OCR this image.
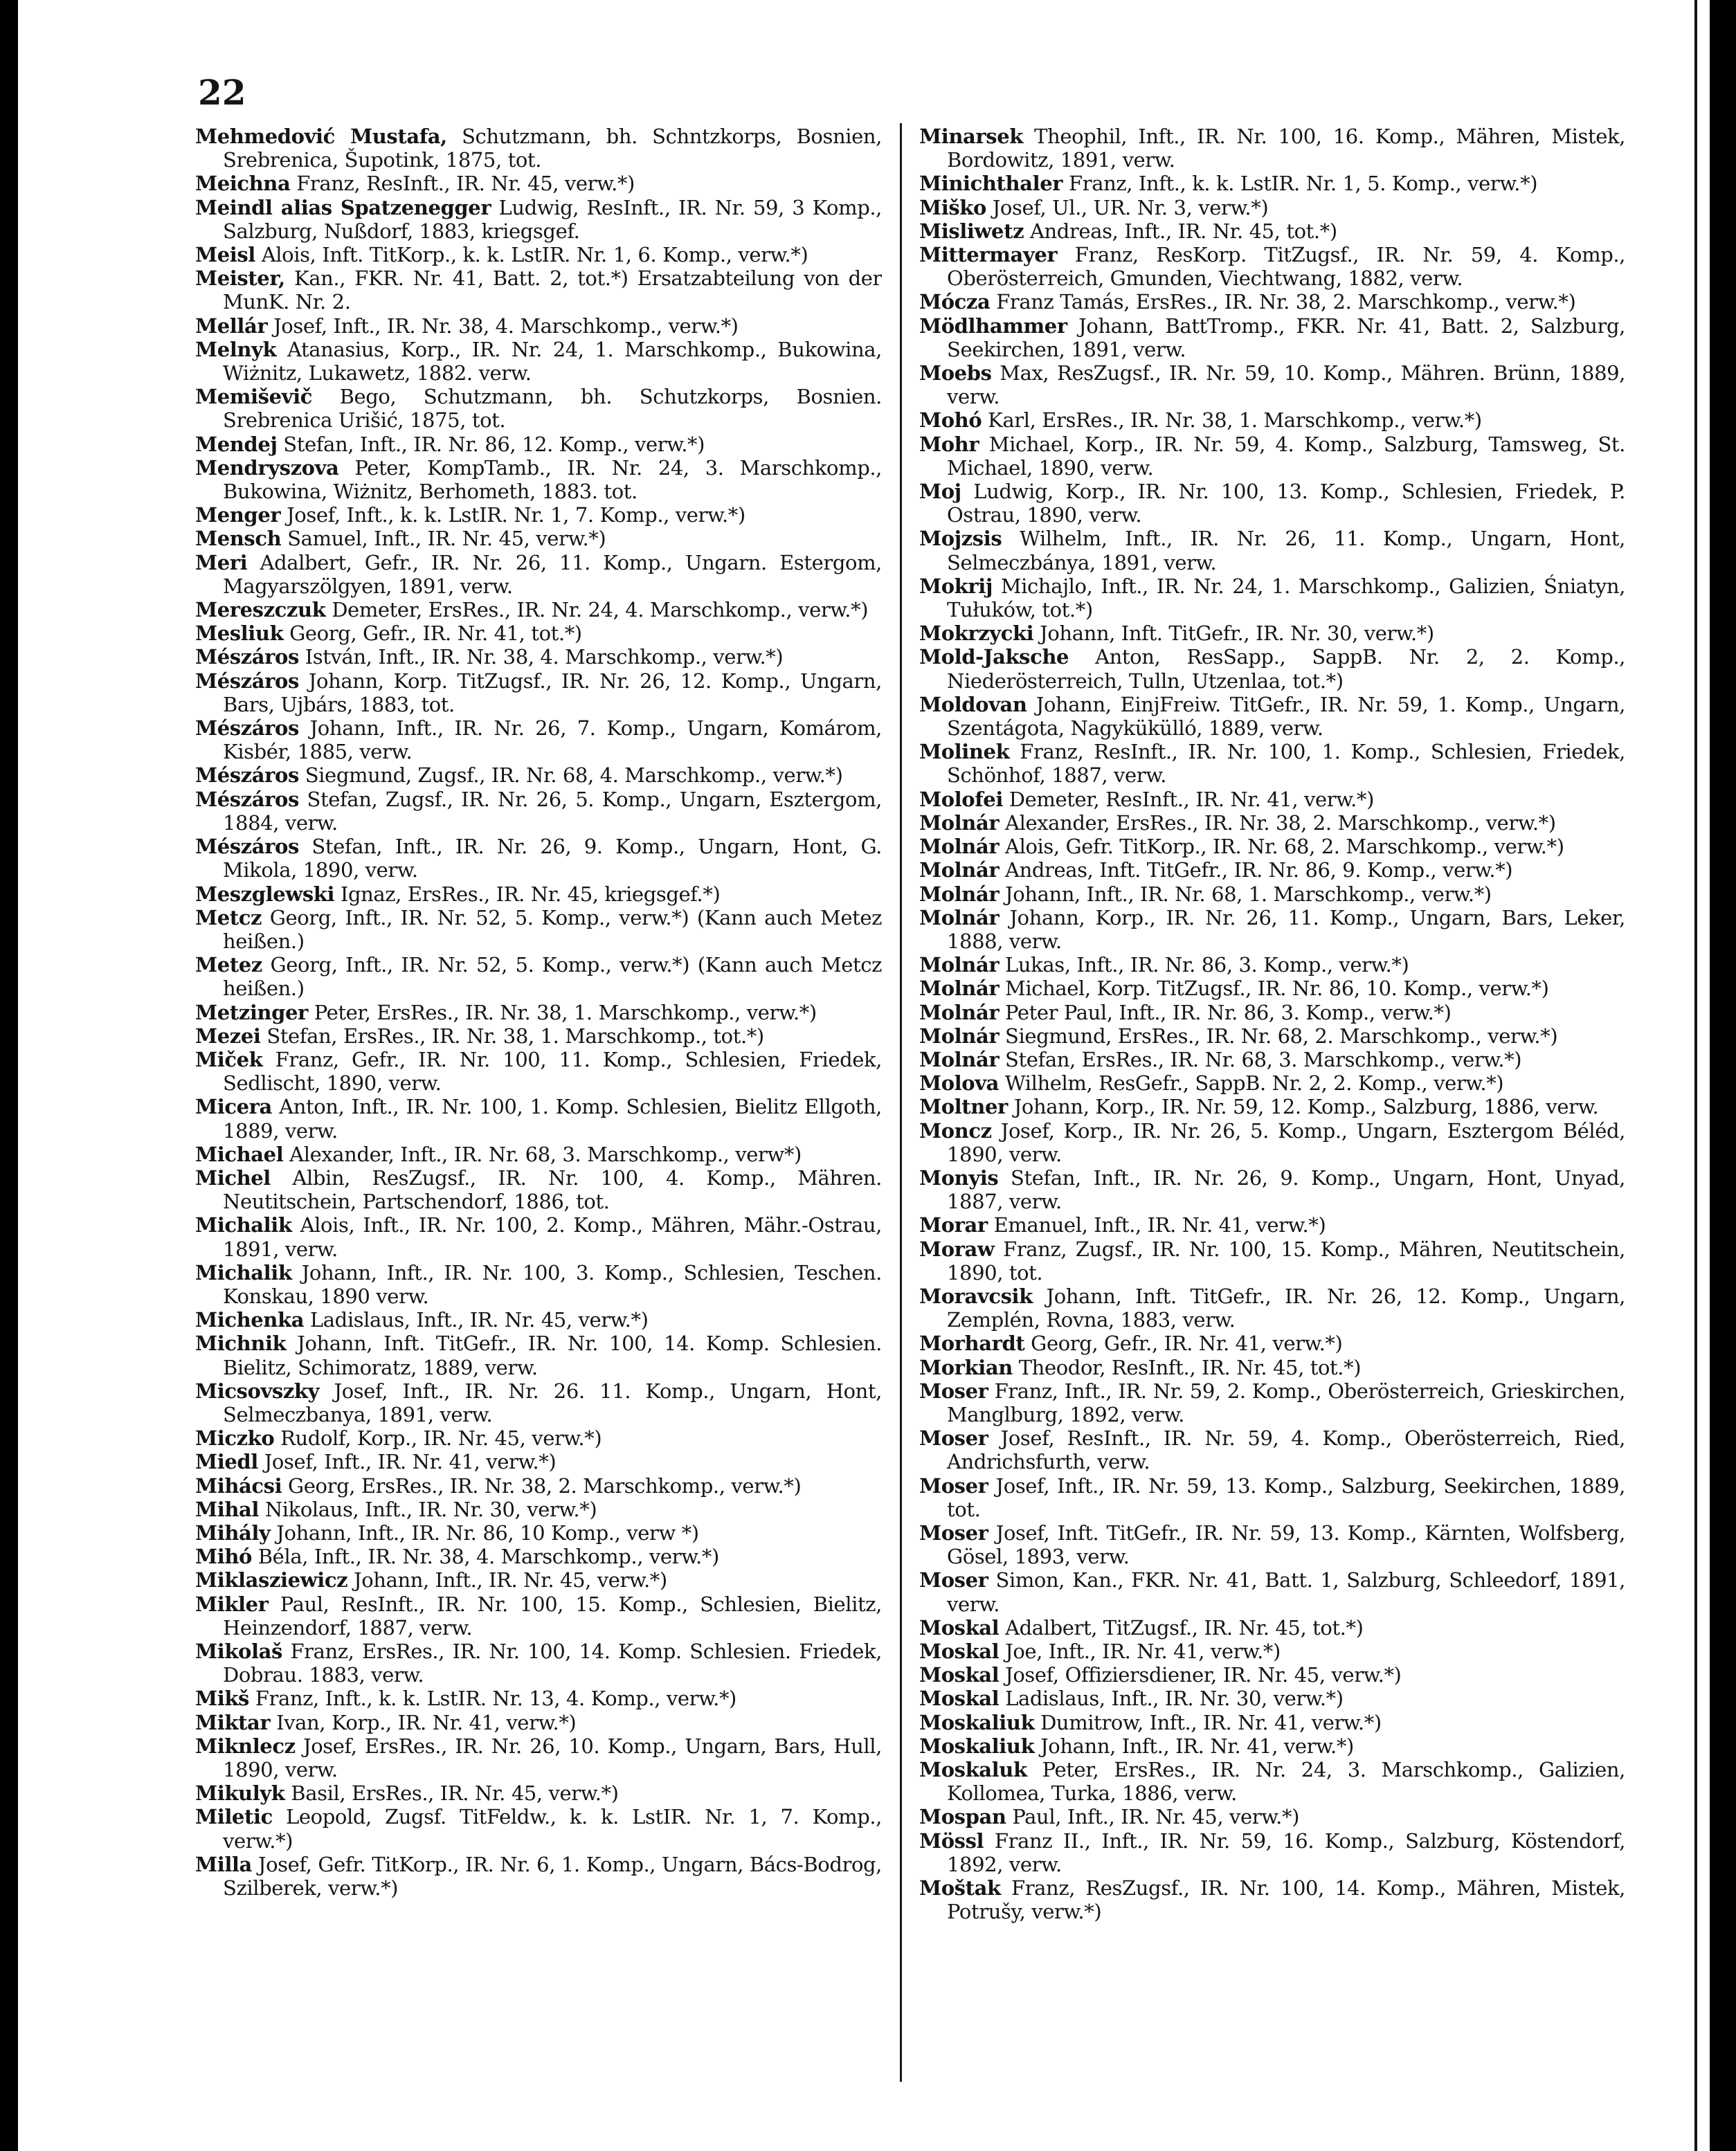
22

Mehmedović Mustafa, Schutzmann, bh. Schntzkorps, Bosnien, Srebrenica, Šupotink, 1875, tot.

Meichna Franz, ResInft., IR. Nr. 45, verw.*)

Meindl alias Spatzenegger Ludwig, ResInft., IR. Nr. 59, 3 Komp., Salzburg, Nußdorf, 1883, kriegsgef.

Meisl Alois, Inft. TitKorp., k. k. LstIR. Nr. 1, 6. Komp., verw.*)

Meister, Kan., FKR. Nr. 41, Batt. 2, tot.*) Ersatzabteilung von der MunK. Nr. 2.

Mellár Josef, Inft., IR. Nr. 38, 4. Marschkomp., verw.*)

Melnyk Atanasius, Korp., IR. Nr. 24, 1. Marschkomp., Bukowina, Wiżnitz, Lukawetz, 1882. verw.

Memiševič Bego, Schutzmann, bh. Schutzkorps, Bosnien. Srebrenica Urišić, 1875, tot.

Mendej Stefan, Inft., IR. Nr. 86, 12. Komp., verw.*)

Mendryszova Peter, KompTamb., IR. Nr. 24, 3. Marschkomp., Bukowina, Wiżnitz, Berhometh, 1883. tot.

Menger Josef, Inft., k. k. LstIR. Nr. 1, 7. Komp., verw.*)

Mensch Samuel, Inft., IR. Nr. 45, verw.*)

Meri Adalbert, Gefr., IR. Nr. 26, 11. Komp., Ungarn. Estergom, Magyarszölgyen, 1891, verw.

Mereszczuk Demeter, ErsRes., IR. Nr. 24, 4. Marschkomp., verw.*)

Mesliuk Georg, Gefr., IR. Nr. 41, tot.*)

Mészáros István, Inft., IR. Nr. 38, 4. Marschkomp., verw.*)

Mészáros Johann, Korp. TitZugsf., IR. Nr. 26, 12. Komp., Ungarn, Bars, Ujbárs, 1883, tot.

Mészáros Johann, Inft., IR. Nr. 26, 7. Komp., Ungarn, Komárom, Kisbér, 1885, verw.

Mészáros Siegmund, Zugsf., IR. Nr. 68, 4. Marschkomp., verw.*)

Mészáros Stefan, Zugsf., IR. Nr. 26, 5. Komp., Ungarn, Esztergom, 1884, verw.

Mészáros Stefan, Inft., IR. Nr. 26, 9. Komp., Ungarn, Hont, G. Mikola, 1890, verw.

Meszglewski Ignaz, ErsRes., IR. Nr. 45, kriegsgef.*)

Metcz Georg, Inft., IR. Nr. 52, 5. Komp., verw.*) (Kann auch Metez heißen.)

Metez Georg, Inft., IR. Nr. 52, 5. Komp., verw.*) (Kann auch Metcz heißen.)

Metzinger Peter, ErsRes., IR. Nr. 38, 1. Marschkomp., verw.*)

Mezei Stefan, ErsRes., IR. Nr. 38, 1. Marschkomp., tot.*)

Miček Franz, Gefr., IR. Nr. 100, 11. Komp., Schlesien, Friedek, Sedlischt, 1890, verw.

Micera Anton, Inft., IR. Nr. 100, 1. Komp. Schlesien, Bielitz Ellgoth, 1889, verw.

Michael Alexander, Inft., IR. Nr. 68, 3. Marschkomp., verw*)

Michel Albin, ResZugsf., IR. Nr. 100, 4. Komp., Mähren. Neutitschein, Partschendorf, 1886, tot.

Michalik Alois, Inft., IR. Nr. 100, 2. Komp., Mähren, Mähr.-Ostrau, 1891, verw.

Michalik Johann, Inft., IR. Nr. 100, 3. Komp., Schlesien, Teschen. Konskau, 1890 verw.

Michenka Ladislaus, Inft., IR. Nr. 45, verw.*)

Michnik Johann, Inft. TitGefr., IR. Nr. 100, 14. Komp. Schlesien. Bielitz, Schimoratz, 1889, verw.

Micsovszky Josef, Inft., IR. Nr. 26. 11. Komp., Ungarn, Hont, Selmeczbanya, 1891, verw.

Miczko Rudolf, Korp., IR. Nr. 45, verw.*)

Miedl Josef, Inft., IR. Nr. 41, verw.*)

Mihácsi Georg, ErsRes., IR. Nr. 38, 2. Marschkomp., verw.*)

Mihal Nikolaus, Inft., IR. Nr. 30, verw.*)

Mihály Johann, Inft., IR. Nr. 86, 10 Komp., verw *)

Mihó Béla, Inft., IR. Nr. 38, 4. Marschkomp., verw.*)

Miklasziewicz Johann, Inft., IR. Nr. 45, verw.*)

Mikler Paul, ResInft., IR. Nr. 100, 15. Komp., Schlesien, Bielitz, Heinzendorf, 1887, verw.

Mikolaš Franz, ErsRes., IR. Nr. 100, 14. Komp. Schlesien. Friedek, Dobrau. 1883, verw.

Mikš Franz, Inft., k. k. LstIR. Nr. 13, 4. Komp., verw.*)

Miktar Ivan, Korp., IR. Nr. 41, verw.*)

Miknlecz Josef, ErsRes., IR. Nr. 26, 10. Komp., Ungarn, Bars, Hull, 1890, verw.

Mikulyk Basil, ErsRes., IR. Nr. 45, verw.*)

Miletic Leopold, Zugsf. TitFeldw., k. k. LstIR. Nr. 1, 7. Komp., verw.*)

Milla Josef, Gefr. TitKorp., IR. Nr. 6, 1. Komp., Ungarn, Bács-Bodrog, Szilberek, verw.*)

Minarsek Theophil, Inft., IR. Nr. 100, 16. Komp., Mähren, Mistek, Bordowitz, 1891, verw.

Minichthaler Franz, Inft., k. k. LstIR. Nr. 1, 5. Komp., verw.*)

Miško Josef, Ul., UR. Nr. 3, verw.*)

Misliwetz Andreas, Inft., IR. Nr. 45, tot.*)

Mittermayer Franz, ResKorp. TitZugsf., IR. Nr. 59, 4. Komp., Oberösterreich, Gmunden, Viechtwang, 1882, verw.

Mócza Franz Tamás, ErsRes., IR. Nr. 38, 2. Marschkomp., verw.*)

Mödlhammer Johann, BattTromp., FKR. Nr. 41, Batt. 2, Salzburg, Seekirchen, 1891, verw.

Moebs Max, ResZugsf., IR. Nr. 59, 10. Komp., Mähren. Brünn, 1889, verw.

Mohó Karl, ErsRes., IR. Nr. 38, 1. Marschkomp., verw.*)

Mohr Michael, Korp., IR. Nr. 59, 4. Komp., Salzburg, Tamsweg, St. Michael, 1890, verw.

Moj Ludwig, Korp., IR. Nr. 100, 13. Komp., Schlesien, Friedek, P. Ostrau, 1890, verw.

Mojzsis Wilhelm, Inft., IR. Nr. 26, 11. Komp., Ungarn, Hont, Selmeczbánya, 1891, verw.

Mokrij Michajlo, Inft., IR. Nr. 24, 1. Marschkomp., Galizien, Śniatyn, Tułuków, tot.*)

Mokrzycki Johann, Inft. TitGefr., IR. Nr. 30, verw.*)

Mold-Jaksche Anton, ResSapp., SappB. Nr. 2, 2. Komp., Niederösterreich, Tulln, Utzenlaa, tot.*)

Moldovan Johann, EinjFreiw. TitGefr., IR. Nr. 59, 1. Komp., Ungarn, Szentágota, Nagykükülló, 1889, verw.

Molinek Franz, ResInft., IR. Nr. 100, 1. Komp., Schlesien, Friedek, Schönhof, 1887, verw.

Molofei Demeter, ResInft., IR. Nr. 41, verw.*)

Molnár Alexander, ErsRes., IR. Nr. 38, 2. Marschkomp., verw.*)

Molnár Alois, Gefr. TitKorp., IR. Nr. 68, 2. Marschkomp., verw.*)

Molnár Andreas, Inft. TitGefr., IR. Nr. 86, 9. Komp., verw.*)

Molnár Johann, Inft., IR. Nr. 68, 1. Marschkomp., verw.*)

Molnár Johann, Korp., IR. Nr. 26, 11. Komp., Ungarn, Bars, Leker, 1888, verw.

Molnár Lukas, Inft., IR. Nr. 86, 3. Komp., verw.*)

Molnár Michael, Korp. TitZugsf., IR. Nr. 86, 10. Komp., verw.*)

Molnár Peter Paul, Inft., IR. Nr. 86, 3. Komp., verw.*)

Molnár Siegmund, ErsRes., IR. Nr. 68, 2. Marschkomp., verw.*)

Molnár Stefan, ErsRes., IR. Nr. 68, 3. Marschkomp., verw.*)

Molova Wilhelm, ResGefr., SappB. Nr. 2, 2. Komp., verw.*)

Moltner Johann, Korp., IR. Nr. 59, 12. Komp., Salzburg, 1886, verw.

Moncz Josef, Korp., IR. Nr. 26, 5. Komp., Ungarn, Esztergom Béléd, 1890, verw.

Monyis Stefan, Inft., IR. Nr. 26, 9. Komp., Ungarn, Hont, Unyad, 1887, verw.

Morar Emanuel, Inft., IR. Nr. 41, verw.*)

Moraw Franz, Zugsf., IR. Nr. 100, 15. Komp., Mähren, Neutitschein, 1890, tot.

Moravcsik Johann, Inft. TitGefr., IR. Nr. 26, 12. Komp., Ungarn, Zemplén, Rovna, 1883, verw.

Morhardt Georg, Gefr., IR. Nr. 41, verw.*)

Morkian Theodor, ResInft., IR. Nr. 45, tot.*)

Moser Franz, Inft., IR. Nr. 59, 2. Komp., Oberösterreich, Grieskirchen, Manglburg, 1892, verw.

Moser Josef, ResInft., IR. Nr. 59, 4. Komp., Oberösterreich, Ried, Andrichsfurth, verw.

Moser Josef, Inft., IR. Nr. 59, 13. Komp., Salzburg, Seekirchen, 1889, tot.

Moser Josef, Inft. TitGefr., IR. Nr. 59, 13. Komp., Kärnten, Wolfsberg, Gösel, 1893, verw.

Moser Simon, Kan., FKR. Nr. 41, Batt. 1, Salzburg, Schleedorf, 1891, verw.

Moskal Adalbert, TitZugsf., IR. Nr. 45, tot.*)

Moskal Joe, Inft., IR. Nr. 41, verw.*)

Moskal Josef, Offiziersdiener, IR. Nr. 45, verw.*)

Moskal Ladislaus, Inft., IR. Nr. 30, verw.*)

Moskaliuk Dumitrow, Inft., IR. Nr. 41, verw.*)

Moskaliuk Johann, Inft., IR. Nr. 41, verw.*)

Moskaluk Peter, ErsRes., IR. Nr. 24, 3. Marschkomp., Galizien, Kollomea, Turka, 1886, verw.

Mospan Paul, Inft., IR. Nr. 45, verw.*)

Mössl Franz II., Inft., IR. Nr. 59, 16. Komp., Salzburg, Köstendorf, 1892, verw.

Moštak Franz, ResZugsf., IR. Nr. 100, 14. Komp., Mähren, Mistek, Potrušy, verw.*)
